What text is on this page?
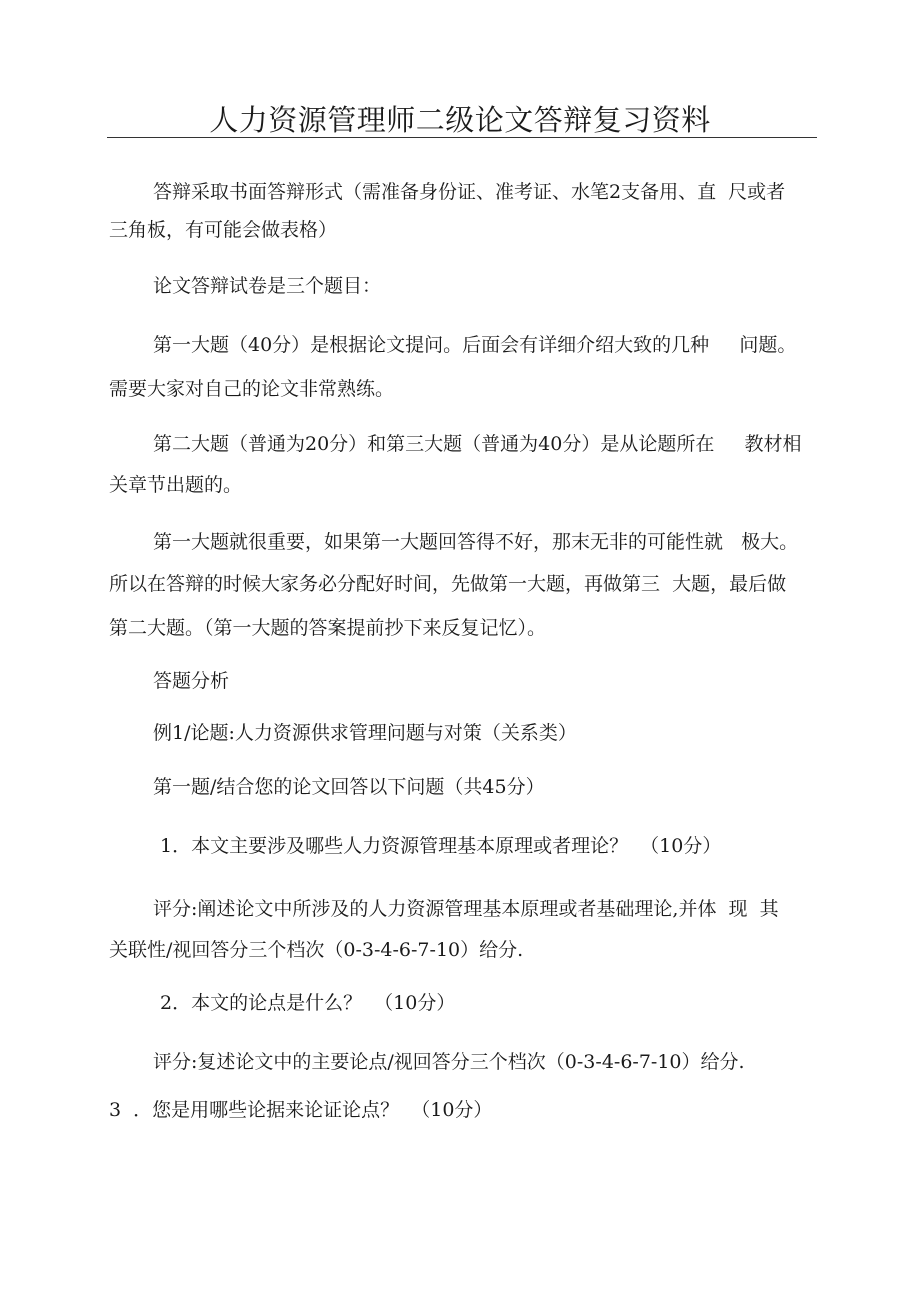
人力资源管理师二级论文答辩复习资料
答辩采取书面答辩形式（需准备身份证、准考证、水笔2支备用、直  尺或者
三角板，有可能会做表格）
论文答辩试卷是三个题目：
第一大题（40分）是根据论文提问。后面会有详细介绍大致的几种     问题。
需要大家对自己的论文非常熟练。
第二大题（普通为20分）和第三大题（普通为40分）是从论题所在     教材相
关章节出题的。
第一大题就很重要，如果第一大题回答得不好，那末无非的可能性就   极大。
所以在答辩的时候大家务必分配好时间，先做第一大题，再做第三  大题，最后做
第二大题。（第一大题的答案提前抄下来反复记忆）。
答题分析
例1/论题:人力资源供求管理问题与对策（关系类）
第一题/结合您的论文回答以下问题（共45分）
1．本文主要涉及哪些人力资源管理基本原理或者理论？  （10分）
评分:阐述论文中所涉及的人力资源管理基本原理或者基础理论,并体  现  其
关联性/视回答分三个档次（0-3-4-6-7-10）给分.
2．本文的论点是什么？  （10分）
评分:复述论文中的主要论点/视回答分三个档次（0-3-4-6-7-10）给分.
3  ．您是用哪些论据来论证论点？  （10分）
